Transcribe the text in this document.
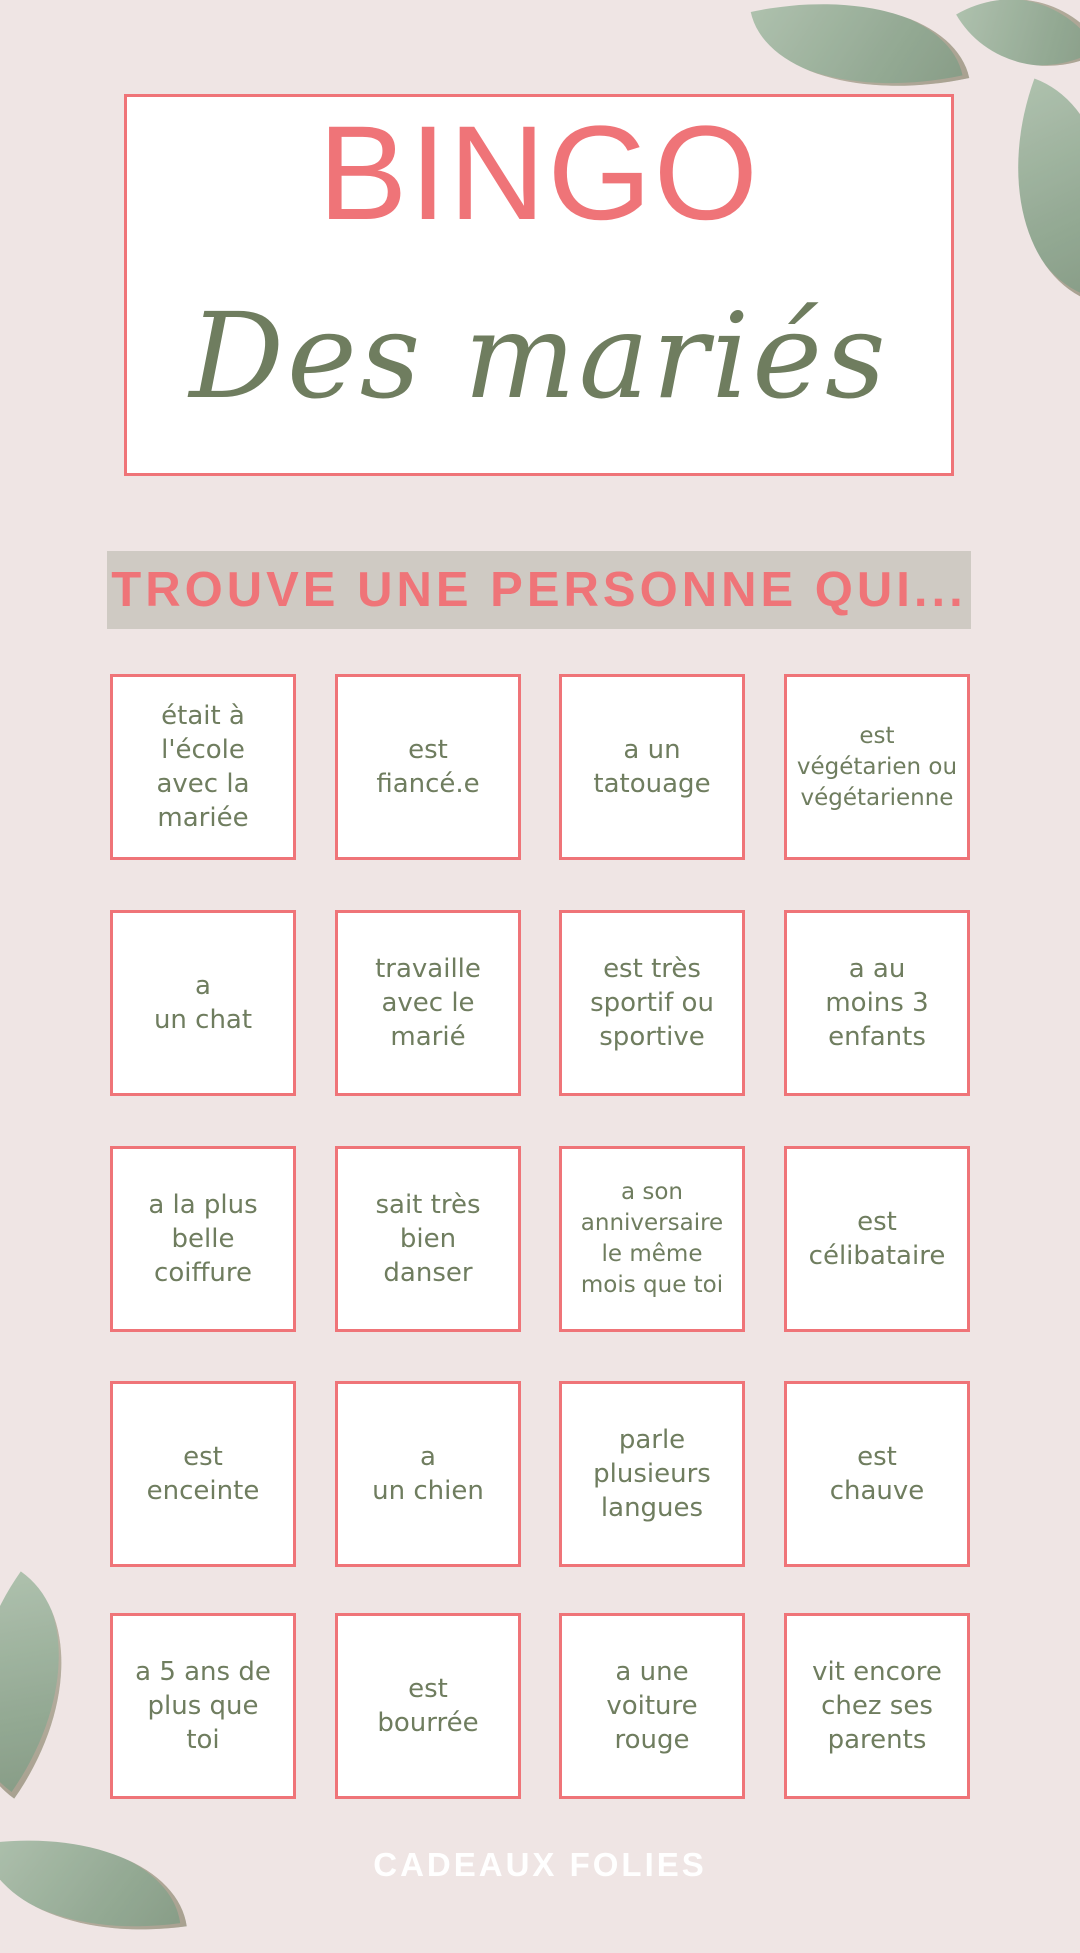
BINGO
Des mariés
TROUVE UNE PERSONNE QUI...
était à
l'école
avec la
mariée
est
fiancé.e
a un
tatouage
est
végétarien ou
végétarienne
a
un chat
travaille
avec le
marié
est très
sportif ou
sportive
a au
moins 3
enfants
a la plus
belle
coiffure
sait très
bien
danser
a son
anniversaire
le même
mois que toi
est
célibataire
est
enceinte
a
un chien
parle
plusieurs
langues
est
chauve
a 5 ans de
plus que
toi
est
bourrée
a une
voiture
rouge
vit encore
chez ses
parents
CADEAUX FOLIES
